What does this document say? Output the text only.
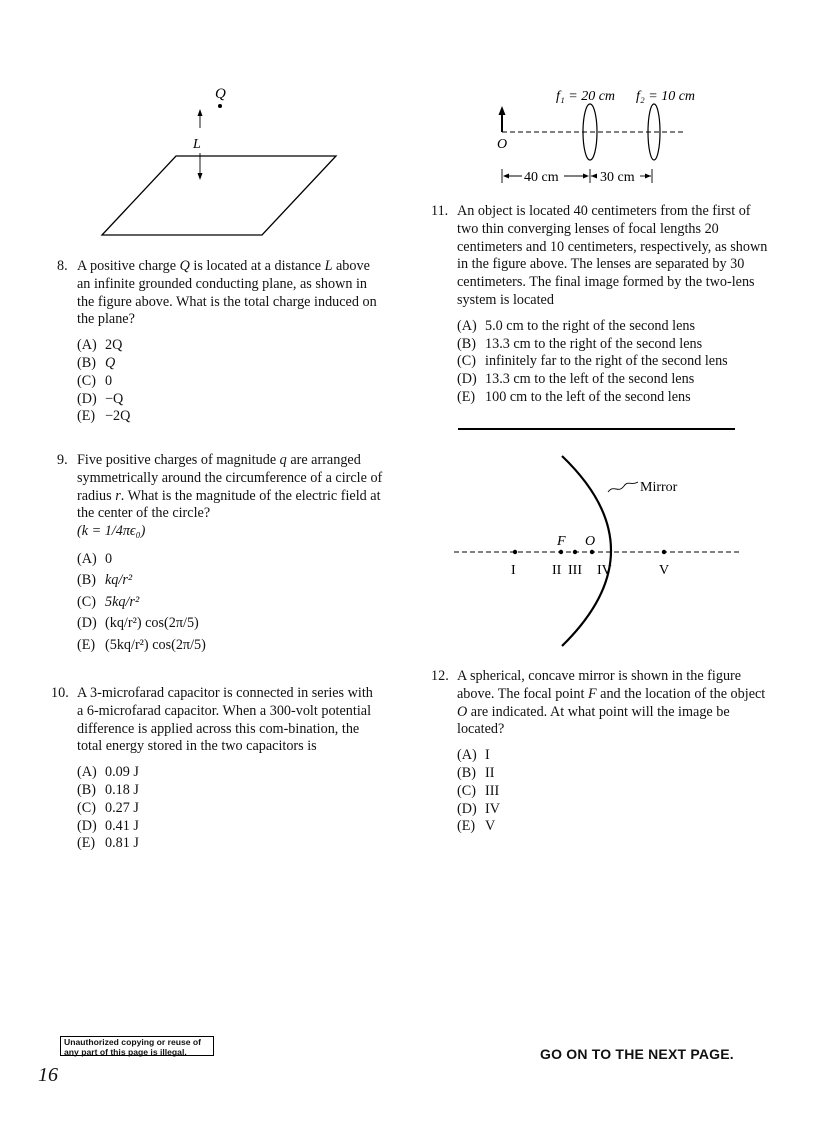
Q
L
f₁ = 20 cm f₂ = 10 cm
O
40 cm	30 cm
Mirror
F O
I	II III IV	V
8. A positive charge Q is located at a distance L above an infinite grounded conducting plane, as shown in the figure above. What is the total charge induced on the plane?
(A) 2Q
(B) Q
(C) 0
(D) −Q
(E) −2Q
9. Five positive charges of magnitude q are arranged symmetrically around the circumference of a circle of radius r. What is the magnitude of the electric field at the center of the circle?
(k = 1/4πϵ₀)
(A) 0
(B) kq/r²
(C) 5kq/r²
(D) (kq/r²) cos(2π/5)
(E) (5kq/r²) cos(2π/5)
10. A 3-microfarad capacitor is connected in series with a 6-microfarad capacitor. When a 300-volt potential difference is applied across this com-bination, the total energy stored in the two capacitors is
(A) 0.09 J
(B) 0.18 J
(C) 0.27 J
(D) 0.41 J
(E) 0.81 J
11. An object is located 40 centimeters from the first of two thin converging lenses of focal lengths 20 centimeters and 10 centimeters, respectively, as shown in the figure above. The lenses are separated by 30 centimeters. The final image formed by the two-lens system is located
(A) 5.0 cm to the right of the second lens
(B) 13.3 cm to the right of the second lens
(C) infinitely far to the right of the second lens
(D) 13.3 cm to the left of the second lens
(E) 100 cm to the left of the second lens
12. A spherical, concave mirror is shown in the figure above. The focal point F and the location of the object O are indicated. At what point will the image be located?
(A) I
(B) II
(C) III
(D) IV
(E) V
Unauthorized copying or reuse of
any part of this page is illegal.	GO ON TO THE NEXT PAGE.
16
